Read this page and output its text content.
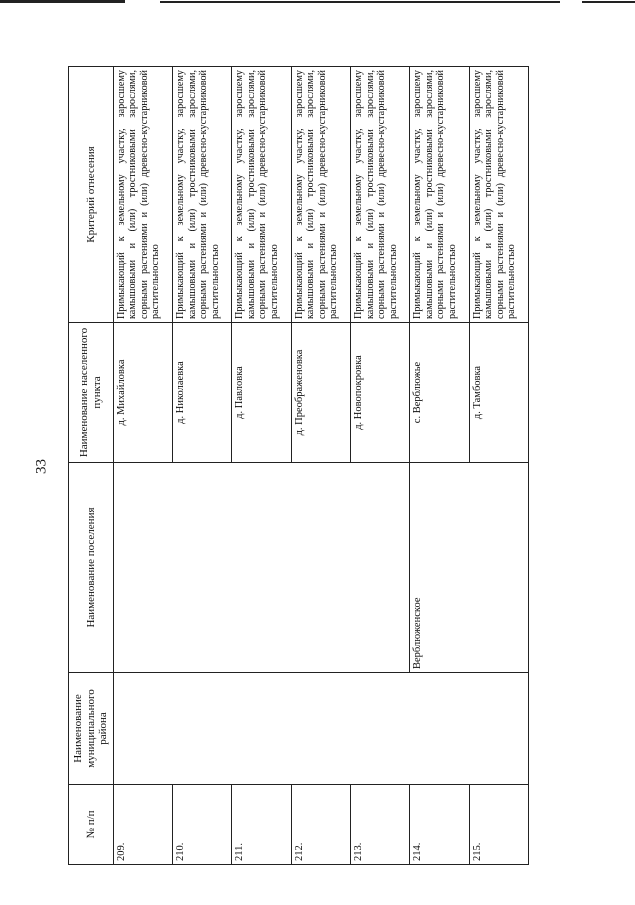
33
№ п/п	Наименование муниципального района	Наименование поселения	Наименование населенного пункта	Критерий отнесения
209.			д. Михайловка	Примыкающий к земельному участку, заросшему камышовыми и (или) тростниковыми зарослями, сорными растениями и (или) древесно-кустарниковой растительностью
210.			д. Николаевка	Примыкающий к земельному участку, заросшему камышовыми и (или) тростниковыми зарослями, сорными растениями и (или) древесно-кустарниковой растительностью
211.			д. Павловка	Примыкающий к земельному участку, заросшему камышовыми и (или) тростниковыми зарослями, сорными растениями и (или) древесно-кустарниковой растительностью
212.			д. Преображеновка	Примыкающий к земельному участку, заросшему камышовыми и (или) тростниковыми зарослями, сорными растениями и (или) древесно-кустарниковой растительностью
213.			д. Новопокровка	Примыкающий к земельному участку, заросшему камышовыми и (или) тростниковыми зарослями, сорными растениями и (или) древесно-кустарниковой растительностью
214.		Верблюженское	с. Верблюжье	Примыкающий к земельному участку, заросшему камышовыми и (или) тростниковыми зарослями, сорными растениями и (или) древесно-кустарниковой растительностью
215.			д. Тамбовка	Примыкающий к земельному участку, заросшему камышовыми и (или) тростниковыми зарослями, сорными растениями и (или) древесно-кустарниковой растительностью
